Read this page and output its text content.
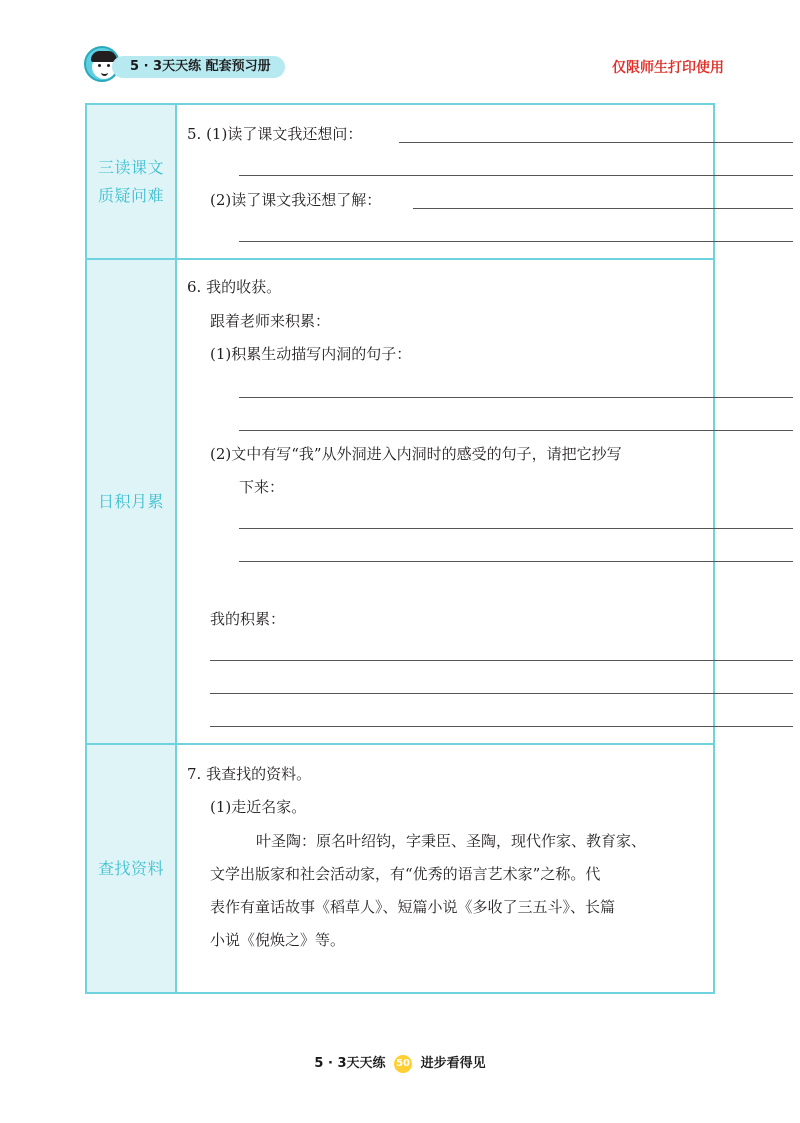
5 · 3天天练 配套预习册	仅限师生打印使用
三读课文
质疑问难
5. (1)读了课文我还想问：
(2)读了课文我还想了解：
日积月累
6. 我的收获。
跟着老师来积累：
(1)积累生动描写内洞的句子：
(2)文中有写“我”从外洞进入内洞时的感受的句子，请把它抄写
下来：
我的积累：
查找资料
7. 我查找的资料。
(1)走近名家。
叶圣陶：原名叶绍钧，字秉臣、圣陶，现代作家、教育家、
文学出版家和社会活动家，有“优秀的语言艺术家”之称。代
表作有童话故事《稻草人》、短篇小说《多收了三五斗》、长篇
小说《倪焕之》等。
5 · 3天天练 50 进步看得见
